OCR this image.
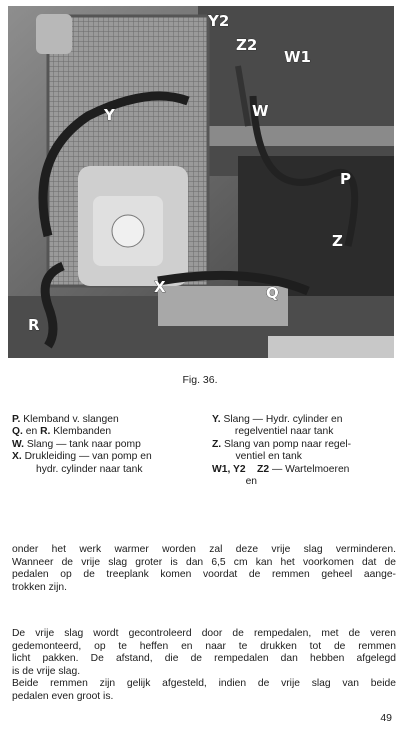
Y2
Z2
W1
W
Y
P
Z
X	Q
R
Fig. 36.
P. Klemband v. slangen
Q. en R. Klembanden
W. Slang — tank naar pomp
X. Drukleiding — van pomp en
hydr. cylinder naar tank
Y. Slang — Hydr. cylinder en
regelventiel naar tank
Z. Slang van pomp naar regel-
ventiel en tank
W1, Y2 en
Z2 — Wartelmoeren

onder het werk warmer worden zal deze vrije slag verminderen.
Wanneer de vrije slag groter is dan 6,5 cm kan het voorkomen dat de
pedalen op de treeplank komen voordat de remmen geheel aange-
trokken zijn.

De vrije slag wordt gecontroleerd door de rempedalen, met de veren
gedemonteerd, op te heffen en naar te drukken tot de remmen
licht pakken. De afstand, die de rempedalen dan hebben afgelegd
is de vrije slag.
Beide remmen zijn gelijk afgesteld, indien de vrije slag van beide
pedalen even groot is.

49
